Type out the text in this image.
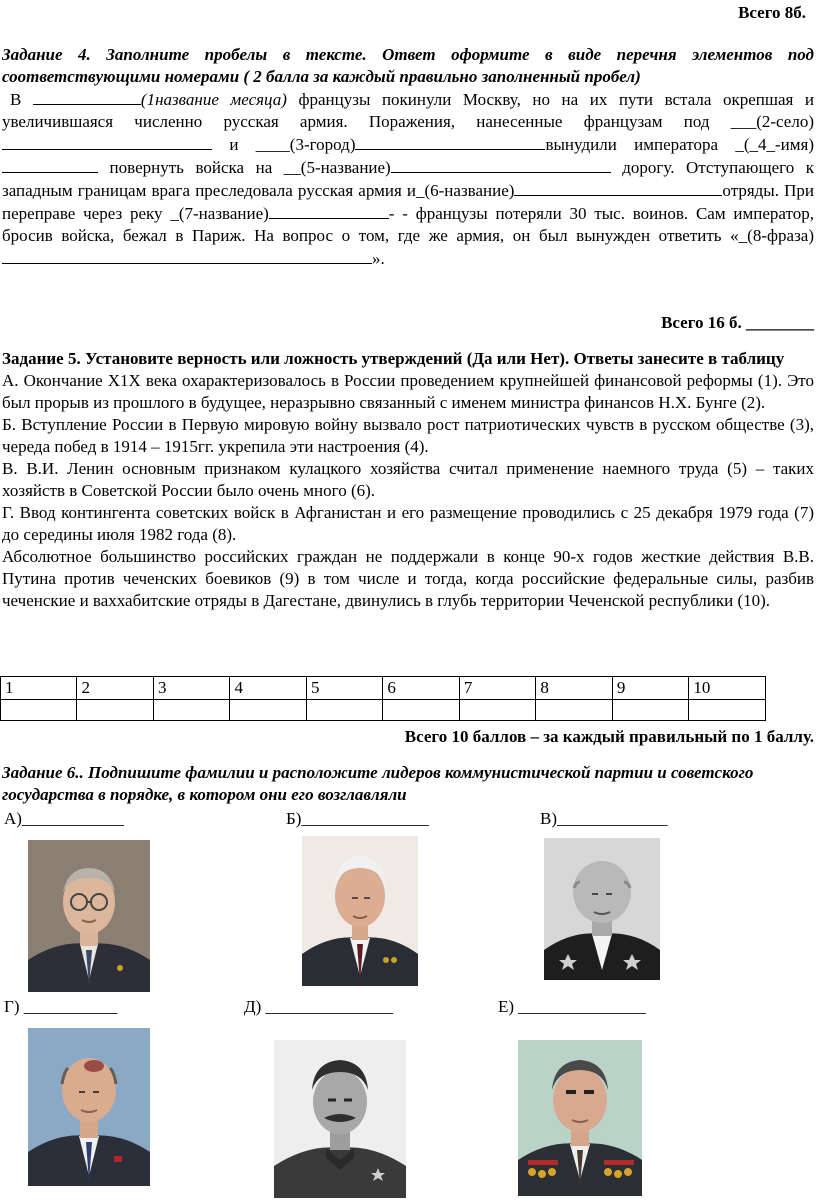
Всего 8б.

Задание 4. Заполните пробелы в тексте. Ответ оформите в виде перечня элементов под соответствующими номерами ( 2 балла за каждый правильно заполненный пробел)

В	(1название месяца) французы покинули Москву, но на их пути встала окрепшая и увеличившаяся численно русская армия. Поражения, нанесенные французам под ___(2-село) и ____(3-город)	вынудили императора _(_4_-имя) повернуть войска на __(5-название)	дорогу. Отступающего к западным границам врага преследовала русская армия и_(6-название)	отряды. При переправе через реку _(7-название)	- - французы потеряли 30 тыс. воинов. Сам император, бросив войска, бежал в Париж. На вопрос о том, где же армия, он был вынужден ответить «_(8-фраза)».

Всего 16 б. ________

Задание 5. Установите верность или ложность утверждений (Да или Нет). Ответы занесите в таблицу

А. Окончание Х1Х века охарактеризовалось в России проведением крупнейшей финансовой реформы (1). Это был прорыв из прошлого в будущее, неразрывно связанный с именем министра финансов Н.Х. Бунге (2).

Б. Вступление России в Первую мировую войну вызвало рост патриотических чувств в русском обществе (3), череда побед в 1914 – 1915гг. укрепила эти настроения (4).

В. В.И. Ленин основным признаком кулацкого хозяйства считал применение наемного труда (5) – таких хозяйств в Советской России было очень много (6).

Г. Ввод контингента советских войск в Афганистан и его размещение проводились с 25 декабря 1979 года (7) до середины июля 1982 года (8).

Абсолютное большинство российских граждан не поддержали в конце 90-х годов жесткие действия В.В. Путина против чеченских боевиков (9) в том числе и тогда, когда российские федеральные силы, разбив чеченские и ваххабитские отряды в Дагестане, двинулись в глубь территории Чеченской республики (10).

1	2	3	4	5	6	7	8	9	10

Всего 10 баллов – за каждый правильный по 1 баллу.

Задание 6.. Подпишите фамилии и расположите лидеров коммунистической партии и советского государства в порядке, в котором они его возглавляли

А)____________	Б)_______________	В)_____________
Г) ___________	Д) _______________	Е) _______________
